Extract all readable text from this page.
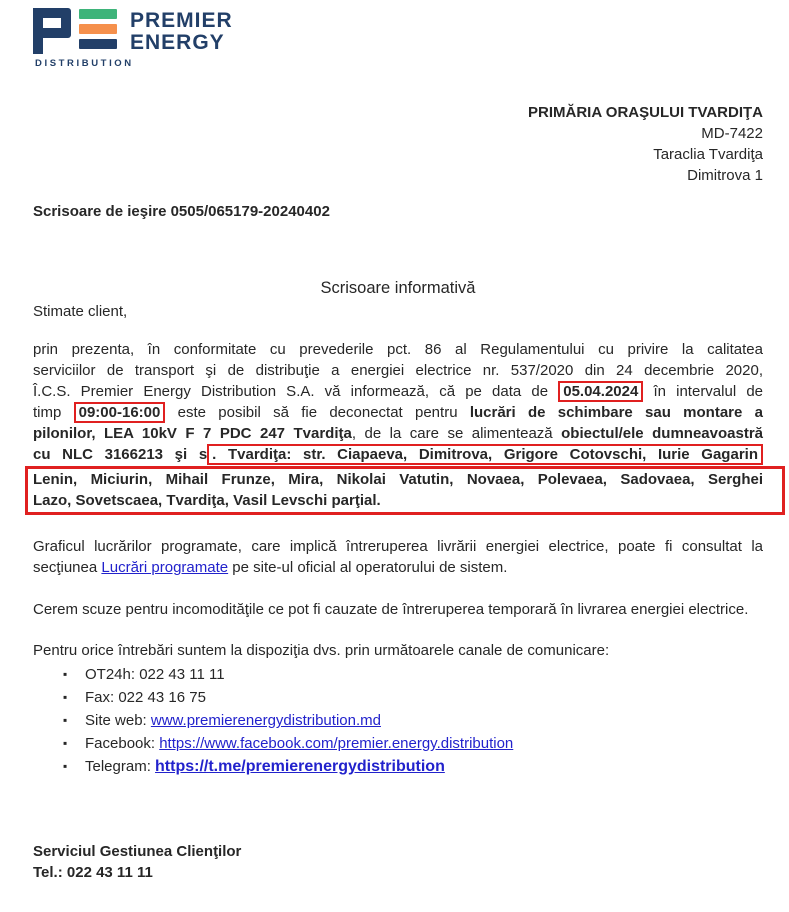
PREMIER
ENERGY
DISTRIBUTION
PRIMĂRIA ORAŞULUI TVARDIŢA
MD-7422
Taraclia Tvardiţa
Dimitrova 1
Scrisoare de ieşire 0505/065179-20240402
Scrisoare informativă
Stimate client,
prin prezenta, în conformitate cu prevederile pct. 86 al Regulamentului cu privire la calitatea
serviciilor de transport şi de distribuţie a energiei electrice nr. 537/2020 din 24 decembrie 2020,
Î.C.S. Premier Energy Distribution S.A. vă informează, că pe data de 05.04.2024 în intervalul de
timp 09:00-16:00 este posibil să fie deconectat pentru lucrări de schimbare sau montare a
pilonilor, LEA 10kV F 7 PDC 247 Tvardiţa, de la care se alimentează obiectul/ele dumneavoastră
cu NLC 3166213 şi s . Tvardiţa: str. Ciapaeva, Dimitrova, Grigore Cotovschi, Iurie Gagarin
Lenin, Miciurin, Mihail Frunze, Mira, Nikolai Vatutin, Novaea, Polevaea, Sadovaea, Serghei
Lazo, Sovetscaea, Tvardiţa, Vasil Levschi parţial.
Graficul lucrărilor programate, care implică întreruperea livrării energiei electrice, poate fi consultat la secţiunea Lucrări programate pe site-ul oficial al operatorului de sistem.
Cerem scuze pentru incomodităţile ce pot fi cauzate de întreruperea temporară în livrarea energiei electrice.
Pentru orice întrebări suntem la dispoziţia dvs. prin următoarele canale de comunicare:
▪ OT24h: 022 43 11 11
▪ Fax: 022 43 16 75
▪ Site web: www.premierenergydistribution.md
▪ Facebook: https://www.facebook.com/premier.energy.distribution
▪ Telegram: https://t.me/premierenergydistribution
Serviciul Gestiunea Clienţilor
Tel.: 022 43 11 11
